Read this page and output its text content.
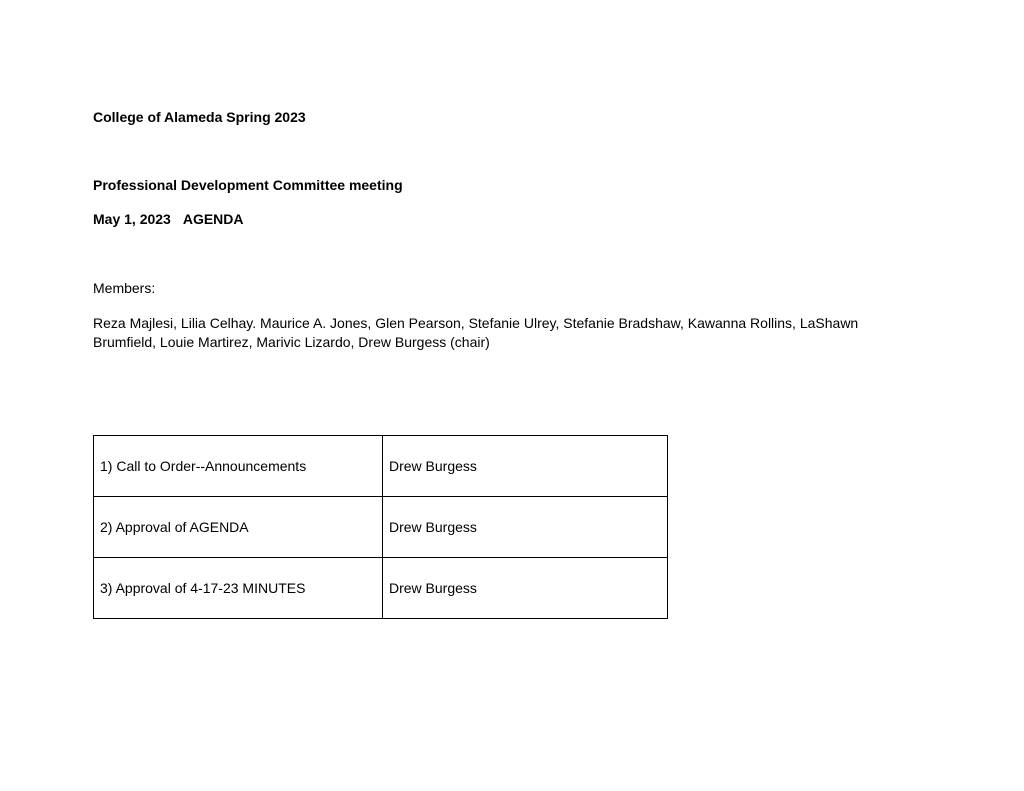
College of Alameda Spring 2023
Professional Development Committee meeting
May 1, 2023 AGENDA
Members:
Reza Majlesi, Lilia Celhay. Maurice A. Jones, Glen Pearson, Stefanie Ulrey, Stefanie Bradshaw, Kawanna Rollins, LaShawn Brumfield, Louie Martirez, Marivic Lizardo, Drew Burgess (chair)
1) Call to Order--Announcements	Drew Burgess
2) Approval of AGENDA	Drew Burgess
3) Approval of 4-17-23 MINUTES	Drew Burgess
